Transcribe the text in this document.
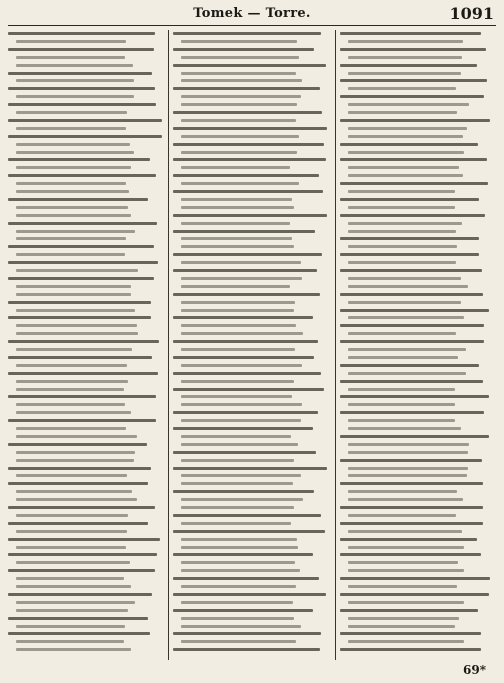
Tomek — Torre.	1091
69*
